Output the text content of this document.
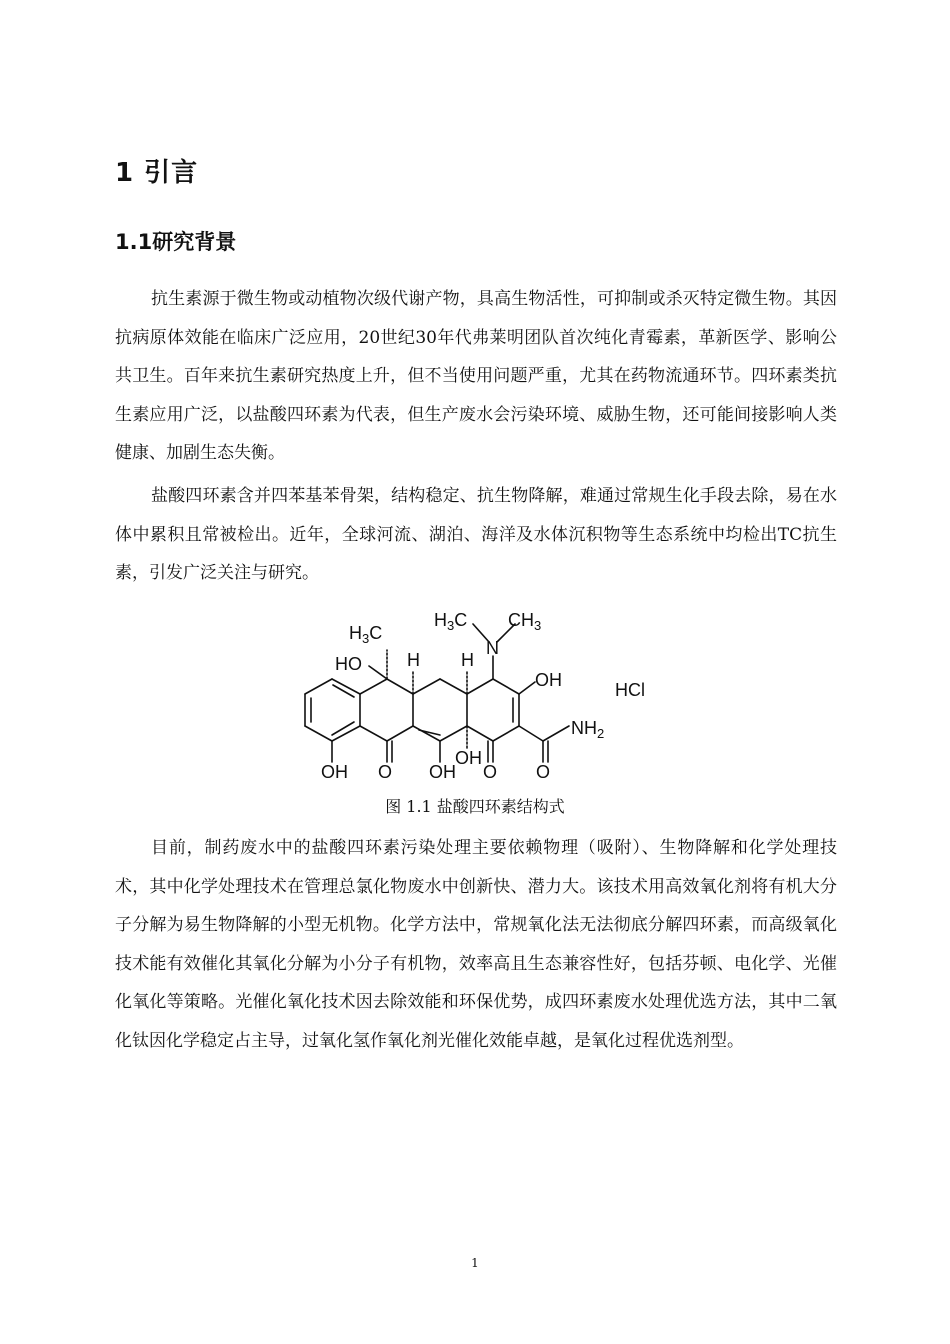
1 引言
1.1研究背景

抗生素源于微生物或动植物次级代谢产物，具高生物活性，可抑制或杀灭特定微生物。其因抗病原体效能在临床广泛应用，20世纪30年代弗莱明团队首次纯化青霉素，革新医学、影响公共卫生。百年来抗生素研究热度上升，但不当使用问题严重，尤其在药物流通环节。四环素类抗生素应用广泛，以盐酸四环素为代表，但生产废水会污染环境、威胁生物，还可能间接影响人类健康、加剧生态失衡。

盐酸四环素含并四苯基苯骨架，结构稳定、抗生物降解，难通过常规生化手段去除，易在水体中累积且常被检出。近年，全球河流、湖泊、海洋及水体沉积物等生态系统中均检出TC抗生素，引发广泛关注与研究。

$H_3C$
$H_3C$ $CH_3$
N
HO	H H
OH	HCl
$NH_2$
OH O OH
OH
O O

图 1.1 盐酸四环素结构式

目前，制药废水中的盐酸四环素污染处理主要依赖物理（吸附）、生物降解和化学处理技术，其中化学处理技术在管理总氯化物废水中创新快、潜力大。该技术用高效氧化剂将有机大分子分解为易生物降解的小型无机物。化学方法中，常规氧化法无法彻底分解四环素，而高级氧化技术能有效催化其氧化分解为小分子有机物，效率高且生态兼容性好，包括芬顿、电化学、光催化氧化等策略。光催化氧化技术因去除效能和环保优势，成四环素废水处理优选方法，其中二氧化钛因化学稳定占主导，过氧化氢作氧化剂光催化效能卓越，是氧化过程优选剂型。

1
